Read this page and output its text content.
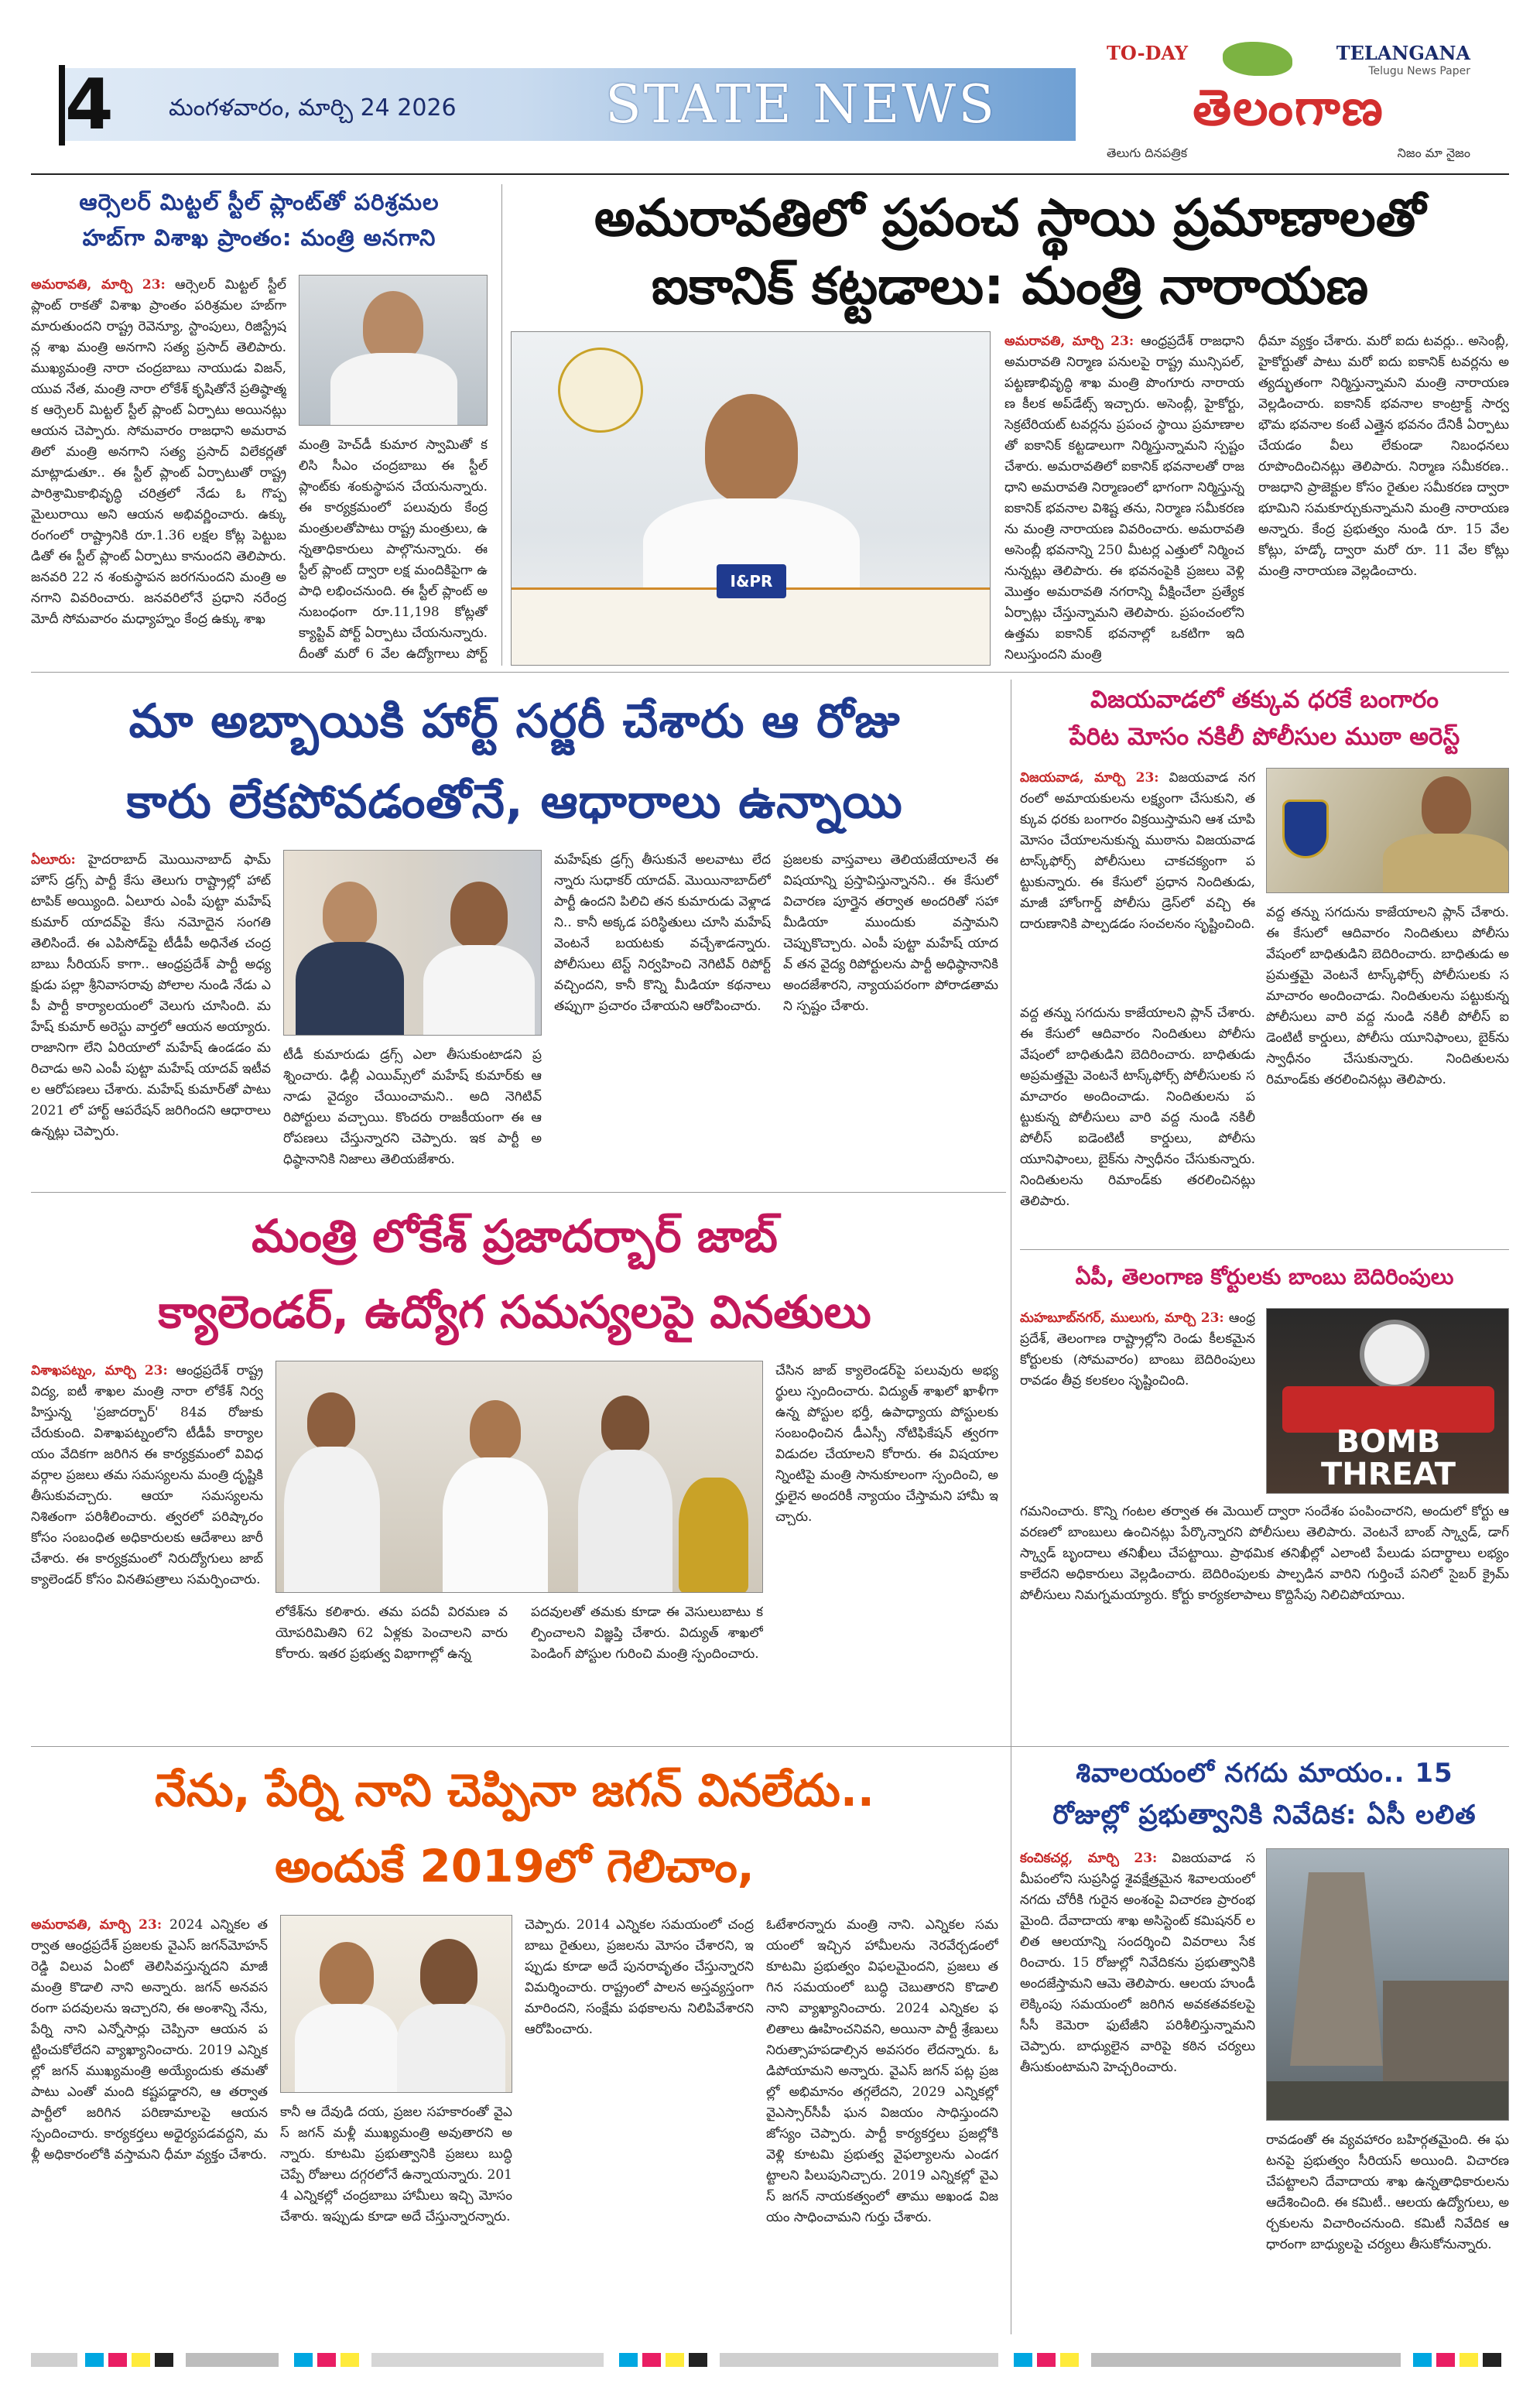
4 మంగళవారం, మార్చి 24 2026	STATE NEWS
TO-DAY	TELANGANA
Telugu News Paper
తెలంగాణ
తెలుగు దినపత్రిక	నిజం మా నైజం
ఆర్సెలర్ మిట్టల్ స్టీల్ ప్లాంట్‌తో పరిశ్రమల
హబ్‌గా విశాఖ ప్రాంతం: మంత్రి అనగాని
అమరావతి, మార్చి 23: ఆర్సెలర్ మిట్టల్ స్టీల్ ప్లాంట్ రాకతో విశాఖ ప్రాంతం పరిశ్రమల హబ్‌గా మారుతుందని రాష్ట్ర రెవెన్యూ, స్టాంపులు, రిజిస్ట్రేషన్ల శాఖ మంత్రి అనగాని సత్య ప్రసాద్ తెలిపారు. ముఖ్యమంత్రి నారా చంద్రబాబు నాయుడు విజన్, యువ నేత, మంత్రి నారా లోకేశ్ కృషితోనే ప్రతిష్ఠాత్మక ఆర్సెలర్ మిట్టల్ స్టీల్ ప్లాంట్ ఏర్పాటు అయినట్లు ఆయన చెప్పారు. సోమవారం రాజధాని అమరావతిలో మంత్రి అనగాని సత్య ప్రసాద్ విలేకర్లతో మాట్లాడుతూ.. ఈ స్టీల్ ప్లాంట్ ఏర్పాటుతో రాష్ట్ర పారిశ్రామికాభివృద్ధి చరిత్రలో నేడు ఓ గొప్ప మైలురాయి అని ఆయన అభివర్ణించారు. ఉక్కు రంగంలో రాష్ట్రానికి రూ.1.36 లక్షల కోట్ల పెట్టుబడితో ఈ స్టీల్ ప్లాంట్ ఏర్పాటు కానుందని తెలిపారు. జనవరి 22 న శంకుస్థాపన జరగనుందని మంత్రి అనగాని వివరించారు. జనవరిలోనే ప్రధాని నరేంద్ర మోదీ సోమవారం మధ్యాహ్నం కేంద్ర ఉక్కు శాఖ
మంత్రి హెచ్‌డీ కుమార స్వామితో కలిసి సీఎం చంద్రబాబు ఈ స్టీల్ ప్లాంట్‌కు శంకుస్థాపన చేయనున్నారు. ఈ కార్యక్రమంలో పలువురు కేంద్ర మంత్రులతోపాటు రాష్ట్ర మంత్రులు, ఉన్నతాధికారులు పాల్గొనున్నారు. ఈ స్టీల్ ప్లాంట్ ద్వారా లక్ష మందికిపైగా ఉపాధి లభించనుంది. ఈ స్టీల్ ప్లాంట్ అనుబంధంగా రూ.11,198 కోట్లతో క్యాప్టివ్ పోర్ట్ ఏర్పాటు చేయనున్నారు. దీంతో మరో 6 వేల ఉద్యోగాలు పోర్ట్
అమరావతిలో ప్రపంచ స్థాయి ప్రమాణాలతో
ఐకానిక్ కట్టడాలు: మంత్రి నారాయణ
I&PR
అమరావతి, మార్చి 23: ఆంధ్రప్రదేశ్ రాజధాని అమరావతి నిర్మాణ పనులపై రాష్ట్ర మున్సిపల్, పట్టణాభివృద్ధి శాఖ మంత్రి పొంగూరు నారాయణ కీలక అప్‌డేట్స్ ఇచ్చారు. అసెంబ్లీ, హైకోర్టు, సెక్రటేరియట్ టవర్లను ప్రపంచ స్థాయి ప్రమాణాలతో ఐకానిక్ కట్టడాలుగా నిర్మిస్తున్నామని స్పష్టం చేశారు. అమరావతిలో ఐకానిక్ భవనాలతో రాజధాని అమరావతి నిర్మాణంలో భాగంగా నిర్మిస్తున్న ఐకానిక్ భవనాల విశిష్ట తను, నిర్మాణ సమీకరణను మంత్రి నారాయణ వివరించారు. అమరావతి అసెంబ్లీ భవనాన్ని 250 మీటర్ల ఎత్తులో నిర్మించనున్నట్లు తెలిపారు. ఈ భవనంపైకి ప్రజలు వెళ్లి మొత్తం అమరావతి నగరాన్ని వీక్షించేలా ప్రత్యేక ఏర్పాట్లు చేస్తున్నామని తెలిపారు. ప్రపంచంలోని ఉత్తమ ఐకానిక్ భవనాల్లో ఒకటిగా ఇది నిలుస్తుందని మంత్రి
ధీమా వ్యక్తం చేశారు. మరో ఐదు టవర్లు.. అసెంబ్లీ, హైకోర్టుతో పాటు మరో ఐదు ఐకానిక్ టవర్లను అత్యద్భుతంగా నిర్మిస్తున్నామని మంత్రి నారాయణ వెల్లడించారు. ఐకానిక్ భవనాల కాంట్రాక్ట్ సార్వభౌమ భవనాల కంటే ఎత్తైన భవనం దేనికీ ఏర్పాటు చేయడం వీలు లేకుండా నిబంధనలు రూపొందించినట్లు తెలిపారు. నిర్మాణ సమీకరణ.. రాజధాని ప్రాజెక్టుల కోసం రైతుల సమీకరణ ద్వారా భూమిని సమకూర్చుకున్నామని మంత్రి నారాయణ అన్నారు. కేంద్ర ప్రభుత్వం నుండి రూ. 15 వేల కోట్లు, హడ్కో ద్వారా మరో రూ. 11 వేల కోట్లు మంత్రి నారాయణ వెల్లడించారు.
మా అబ్బాయికి హార్ట్ సర్జరీ చేశారు ఆ రోజు
కారు లేకపోవడంతోనే, ఆధారాలు ఉన్నాయి
ఏలూరు: హైదరాబాద్ మొయినాబాద్ ఫామ్ హౌస్ డ్రగ్స్ పార్టీ కేసు తెలుగు రాష్ట్రాల్లో హాట్ టాపిక్ అయ్యింది. ఏలూరు ఎంపీ పుట్టా మహేష్ కుమార్ యాదవ్‌పై కేసు నమోదైన సంగతి తెలిసిందే. ఈ ఎపిసోడ్‌పై టీడీపీ అధినేత చంద్రబాబు సీరియస్ కాగా.. ఆంధ్రప్రదేశ్ పార్టీ అధ్యక్షుడు పల్లా శ్రీనివాసరావు పోలాల నుండి నేడు ఎపీ పార్టీ కార్యాలయంలో వెలుగు చూసింది. మహేష్ కుమార్ అరెస్టు వార్తలో ఆయన అయ్యారు. రాజానిగా లేని ఏరియాలో మహేష్ ఉండడం మరిచాడు అని ఎంపీ పుట్టా మహేష్ యాదవ్ ఇటీవల ఆరోపణలు చేశారు. మహేష్ కుమార్‌తో పాటు 2021 లో హార్ట్ ఆపరేషన్ జరిగిందని ఆధారాలు ఉన్నట్లు చెప్పారు.
టీడీ కుమారుడు డ్రగ్స్ ఎలా తీసుకుంటాడని ప్రశ్నించారు. ఢిల్లీ ఎయిమ్స్‌లో మహేష్ కుమార్‌కు ఆనాడు వైద్యం చేయించామని.. అది నెగిటివ్ రిపోర్టులు వచ్చాయి. కొందరు రాజకీయంగా ఈ ఆరోపణలు చేస్తున్నారని చెప్పారు. ఇక పార్టీ అధిష్ఠానానికి నిజాలు తెలియజేశారు.
మహేష్‌కు డ్రగ్స్ తీసుకునే అలవాటు లేదన్నారు సుధాకర్ యాదవ్. మొయినాబాద్‌లో పార్టీ ఉందని పిలిచి తన కుమారుడు వెళ్లాడని.. కానీ అక్కడ పరిస్థితులు చూసి మహేష్ వెంటనే బయటకు వచ్చేశాడన్నారు. పోలీసులు టెస్ట్ నిర్వహించి నెగిటివ్ రిపోర్ట్ వచ్చిందని, కానీ కొన్ని మీడియా కథనాలు తప్పుగా ప్రచారం చేశాయని ఆరోపించారు.
ప్రజలకు వాస్తవాలు తెలియజేయాలనే ఈ విషయాన్ని ప్రస్తావిస్తున్నానని.. ఈ కేసులో విచారణ పూర్తైన తర్వాత అందరితో సహా మీడియా ముందుకు వస్తామని చెప్పుకొచ్చారు. ఎంపీ పుట్టా మహేష్ యాదవ్ తన వైద్య రిపోర్టులను పార్టీ అధిష్ఠానానికి అందజేశారని, న్యాయపరంగా పోరాడతామని స్పష్టం చేశారు.
విజయవాడలో తక్కువ ధరకే బంగారం
పేరిట మోసం నకిలీ పోలీసుల ముఠా అరెస్ట్
విజయవాడ, మార్చి 23: విజయవాడ నగరంలో అమాయకులను లక్ష్యంగా చేసుకుని, తక్కువ ధరకు బంగారం విక్రయిస్తామని ఆశ చూపి మోసం చేయాలనుకున్న ముఠాను విజయవాడ టాస్క్‌ఫోర్స్ పోలీసులు చాకచక్యంగా పట్టుకున్నారు. ఈ కేసులో ప్రధాన నిందితుడు, మాజీ హోంగార్డ్ పోలీసు డ్రెస్‌లో వచ్చి ఈ దారుణానికి పాల్పడడం సంచలనం సృష్టించింది.
వద్ద తన్ను సగదును కాజేయాలని ప్లాన్ చేశారు. ఈ కేసులో ఆదివారం నిందితులు పోలీసు వేషంలో బాధితుడిని బెదిరించారు. బాధితుడు అప్రమత్తమై వెంటనే టాస్క్‌ఫోర్స్ పోలీసులకు సమాచారం అందించాడు. నిందితులను పట్టుకున్న పోలీసులు వారి వద్ద నుండి నకిలీ పోలీస్ ఐడెంటిటీ కార్డులు, పోలీసు యూనిఫాంలు, బైక్‌ను స్వాధీనం చేసుకున్నారు. నిందితులను రిమాండ్‌కు తరలించినట్లు తెలిపారు.
వద్ద తన్ను సగదును కాజేయాలని ప్లాన్ చేశారు. ఈ కేసులో ఆదివారం నిందితులు పోలీసు వేషంలో బాధితుడిని బెదిరించారు. బాధితుడు అప్రమత్తమై వెంటనే టాస్క్‌ఫోర్స్ పోలీసులకు సమాచారం అందించాడు. నిందితులను పట్టుకున్న పోలీసులు వారి వద్ద నుండి నకిలీ పోలీస్ ఐడెంటిటీ కార్డులు, పోలీసు యూనిఫాంలు, బైక్‌ను స్వాధీనం చేసుకున్నారు. నిందితులను రిమాండ్‌కు తరలించినట్లు తెలిపారు.
మంత్రి లోకేశ్ ప్రజాదర్బార్ జాబ్
క్యాలెండర్, ఉద్యోగ సమస్యలపై వినతులు
విశాఖపట్నం, మార్చి 23: ఆంధ్రప్రదేశ్ రాష్ట్ర విద్య, ఐటీ శాఖల మంత్రి నారా లోకేశ్ నిర్వహిస్తున్న 'ప్రజాదర్బార్' 84వ రోజుకు చేరుకుంది. విశాఖపట్నంలోని టీడీపీ కార్యాలయం వేదికగా జరిగిన ఈ కార్యక్రమంలో వివిధ వర్గాల ప్రజలు తమ సమస్యలను మంత్రి దృష్టికి తీసుకువచ్చారు. ఆయా సమస్యలను నిశితంగా పరిశీలించారు. త్వరలో పరిష్కారం కోసం సంబంధిత అధికారులకు ఆదేశాలు జారీ చేశారు. ఈ కార్యక్రమంలో నిరుద్యోగులు జాబ్ క్యాలెండర్ కోసం వినతిపత్రాలు సమర్పించారు.
లోకేశ్‌ను కలిశారు. తమ పదవీ విరమణ వయోపరిమితిని 62 ఏళ్లకు పెంచాలని వారు కోరారు. ఇతర ప్రభుత్వ విభాగాల్లో ఉన్న
పదవులతో తమకు కూడా ఈ వెసులుబాటు కల్పించాలని విజ్ఞప్తి చేశారు. విద్యుత్ శాఖలో పెండింగ్ పోస్టుల గురించి మంత్రి స్పందించారు.
చేసిన జాబ్ క్యాలెండర్‌పై పలువురు అభ్యర్థులు స్పందించారు. విద్యుత్ శాఖలో ఖాళీగా ఉన్న పోస్టుల భర్తీ, ఉపాధ్యాయ పోస్టులకు సంబంధించిన డీఎస్సీ నోటిఫికేషన్ త్వరగా విడుదల చేయాలని కోరారు. ఈ విషయాలన్నింటిపై మంత్రి సానుకూలంగా స్పందించి, అర్హులైన అందరికీ న్యాయం చేస్తామని హామీ ఇచ్చారు.
ఏపీ, తెలంగాణ కోర్టులకు బాంబు బెదిరింపులు
మహబూబ్‌నగర్, ములుగు, మార్చి 23: ఆంధ్రప్రదేశ్, తెలంగాణ రాష్ట్రాల్లోని రెండు కీలకమైన కోర్టులకు (సోమవారం) బాంబు బెదిరింపులు రావడం తీవ్ర కలకలం సృష్టించింది.
BOMB
THREAT
గమనించారు. కొన్ని గంటల తర్వాత ఈ మెయిల్ ద్వారా సందేశం పంపించారని, అందులో కోర్టు ఆవరణలో బాంబులు ఉంచినట్లు పేర్కొన్నారని పోలీసులు తెలిపారు. వెంటనే బాంబ్ స్క్వాడ్, డాగ్ స్క్వాడ్ బృందాలు తనిఖీలు చేపట్టాయి. ప్రాథమిక తనిఖీల్లో ఎలాంటి పేలుడు పదార్థాలు లభ్యం కాలేదని అధికారులు వెల్లడించారు. బెదిరింపులకు పాల్పడిన వారిని గుర్తించే పనిలో సైబర్ క్రైమ్ పోలీసులు నిమగ్నమయ్యారు. కోర్టు కార్యకలాపాలు కొద్దిసేపు నిలిచిపోయాయి.
నేను, పేర్ని నాని చెప్పినా జగన్ వినలేదు..
అందుకే 2019లో గెలిచాం,
అమరావతి, మార్చి 23: 2024 ఎన్నికల తర్వాత ఆంధ్రప్రదేశ్ ప్రజలకు వైఎస్ జగన్‌మోహన్ రెడ్డి విలువ ఏంటో తెలిసివస్తున్నదని మాజీ మంత్రి కొడాలి నాని అన్నారు. జగన్ అనవసరంగా పదవులను ఇచ్చారని, ఈ అంశాన్ని నేను, పేర్ని నాని ఎన్నోసార్లు చెప్పినా ఆయన పట్టించుకోలేదని వ్యాఖ్యానించారు. 2019 ఎన్నికల్లో జగన్ ముఖ్యమంత్రి అయ్యేందుకు తమతో పాటు ఎంతో మంది కష్టపడ్డారని, ఆ తర్వాత పార్టీలో జరిగిన పరిణామాలపై ఆయన స్పందించారు. కార్యకర్తలు అధైర్యపడవద్దని, మళ్లీ అధికారంలోకి వస్తామని ధీమా వ్యక్తం చేశారు.
కానీ ఆ దేవుడి దయ, ప్రజల సహకారంతో వైఎస్ జగన్ మళ్లీ ముఖ్యమంత్రి అవుతారని అన్నారు. కూటమి ప్రభుత్వానికి ప్రజలు బుద్ధి చెప్పే రోజులు దగ్గరలోనే ఉన్నాయన్నారు. 2014 ఎన్నికల్లో చంద్రబాబు హామీలు ఇచ్చి మోసం చేశారు. ఇప్పుడు కూడా అదే చేస్తున్నారన్నారు.
చెప్పారు. 2014 ఎన్నికల సమయంలో చంద్రబాబు రైతులు, ప్రజలను మోసం చేశారని, ఇప్పుడు కూడా అదే పునరావృతం చేస్తున్నారని విమర్శించారు. రాష్ట్రంలో పాలన అస్తవ్యస్తంగా మారిందని, సంక్షేమ పథకాలను నిలిపివేశారని ఆరోపించారు.
ఓటేశారన్నారు మంత్రి నాని. ఎన్నికల సమయంలో ఇచ్చిన హామీలను నెరవేర్చడంలో కూటమి ప్రభుత్వం విఫలమైందని, ప్రజలు తగిన సమయంలో బుద్ధి చెబుతారని కొడాలి నాని వ్యాఖ్యానించారు. 2024 ఎన్నికల ఫలితాలు ఊహించనివని, అయినా పార్టీ శ్రేణులు నిరుత్సాహపడాల్సిన అవసరం లేదన్నారు. ఓడిపోయామని అన్నారు. వైఎస్ జగన్ పట్ల ప్రజల్లో అభిమానం తగ్గలేదని, 2029 ఎన్నికల్లో వైఎస్సార్‌సీపీ ఘన విజయం సాధిస్తుందని జోస్యం చెప్పారు. పార్టీ కార్యకర్తలు ప్రజల్లోకి వెళ్లి కూటమి ప్రభుత్వ వైఫల్యాలను ఎండగట్టాలని పిలుపునిచ్చారు. 2019 ఎన్నికల్లో వైఎస్ జగన్ నాయకత్వంలో తాము అఖండ విజయం సాధించామని గుర్తు చేశారు.
శివాలయంలో నగదు మాయం.. 15
రోజుల్లో ప్రభుత్వానికి నివేదిక: ఏసీ లలిత
కంచికచర్ల, మార్చి 23: విజయవాడ సమీపంలోని సుప్రసిద్ధ శైవక్షేత్రమైన శివాలయంలో నగదు చోరీకి గురైన అంశంపై విచారణ ప్రారంభమైంది. దేవాదాయ శాఖ అసిస్టెంట్ కమిషనర్ లలిత ఆలయాన్ని సందర్శించి వివరాలు సేకరించారు. 15 రోజుల్లో నివేదికను ప్రభుత్వానికి అందజేస్తామని ఆమె తెలిపారు. ఆలయ హుండీ లెక్కింపు సమయంలో జరిగిన అవకతవకలపై సీసీ కెమెరా ఫుటేజీని పరిశీలిస్తున్నామని చెప్పారు. బాధ్యులైన వారిపై కఠిన చర్యలు తీసుకుంటామని హెచ్చరించారు.
రావడంతో ఈ వ్యవహారం బహిర్గతమైంది. ఈ ఘటనపై ప్రభుత్వం సీరియస్ అయింది. విచారణ చేపట్టాలని దేవాదాయ శాఖ ఉన్నతాధికారులను ఆదేశించింది. ఈ కమిటీ.. ఆలయ ఉద్యోగులు, అర్చకులను విచారించనుంది. కమిటీ నివేదిక ఆధారంగా బాధ్యులపై చర్యలు తీసుకోనున్నారు.
